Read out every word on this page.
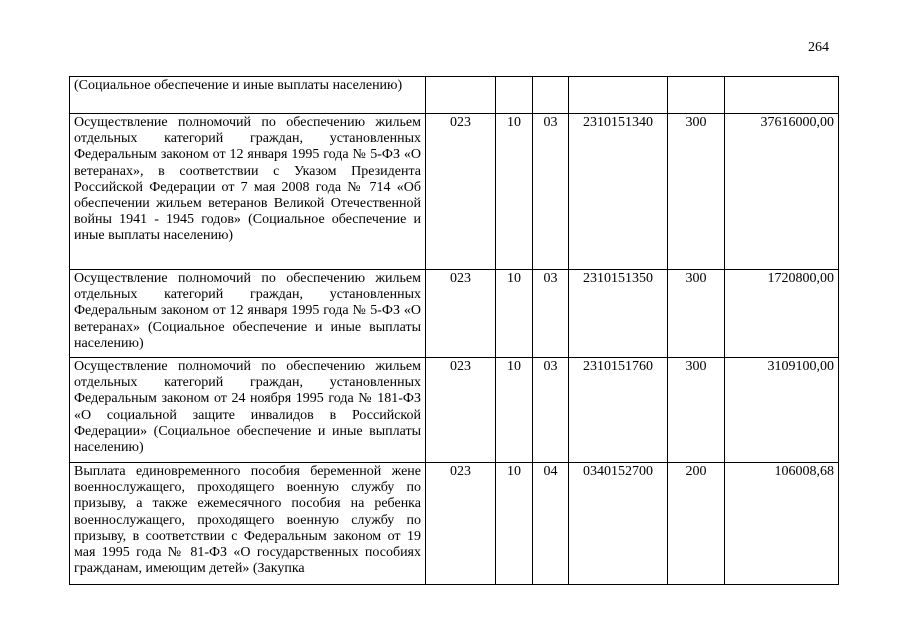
264
(Социальное обеспечение и иные выплаты населению)						
Осуществление полномочий по обеспечению жильем отдельных категорий граждан, установленных Федеральным законом от 12 января 1995 года № 5-ФЗ «О ветеранах», в соответствии с Указом Президента Российской Федерации от 7 мая 2008 года № 714 «Об обеспечении жильем ветеранов Великой Отечественной войны 1941 - 1945 годов» (Социальное обеспечение и иные выплаты населению)	023	10	03	2310151340	300	37616000,00
Осуществление полномочий по обеспечению жильем отдельных категорий граждан, установленных Федеральным законом от 12 января 1995 года № 5-ФЗ «О ветеранах» (Социальное обеспечение и иные выплаты населению)	023	10	03	2310151350	300	1720800,00
Осуществление полномочий по обеспечению жильем отдельных категорий граждан, установленных Федеральным законом от 24 ноября 1995 года № 181-ФЗ «О социальной защите инвалидов в Российской Федерации» (Социальное обеспечение и иные выплаты населению)	023	10	03	2310151760	300	3109100,00
Выплата единовременного пособия беременной жене военнослужащего, проходящего военную службу по призыву, а также ежемесячного пособия на ребенка военнослужащего, проходящего военную службу по призыву, в соответствии с Федеральным законом от 19 мая 1995 года № 81-ФЗ «О государственных пособиях гражданам, имеющим детей» (Закупка	023	10	04	0340152700	200	106008,68
